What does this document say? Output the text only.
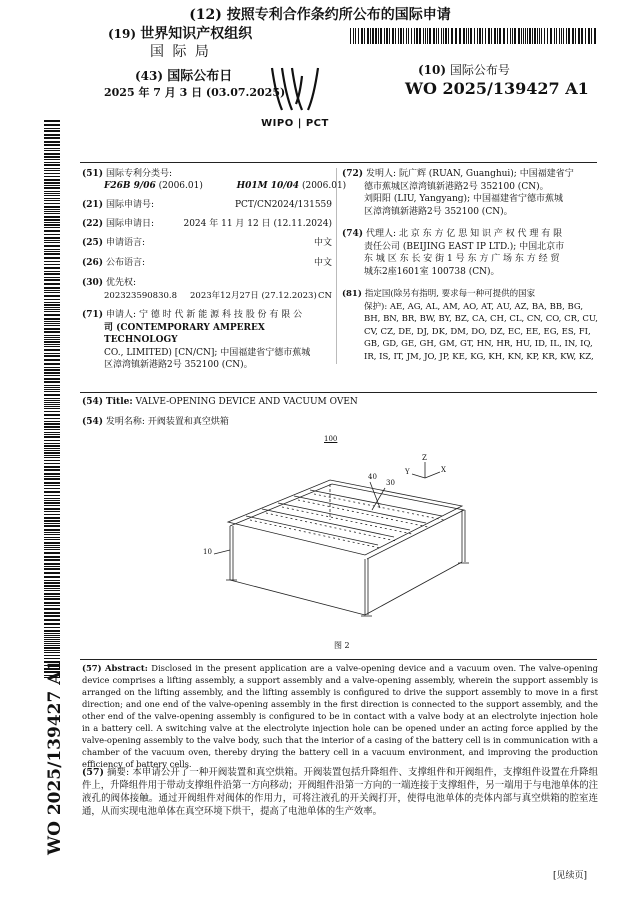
(12) 按照专利合作条约所公布的国际申请
(19) 世界知识产权组织
国 际 局
(43) 国际公布日
2025 年 7 月 3 日 (03.07.2025)
WIPO | PCT
(10) 国际公布号
WO 2025/139427 A1
(51) 国际专利分类号:
F26B 9/06 (2006.01)	H01M 10/04 (2006.01)
(21) 国际申请号:	PCT/CN2024/131559
(22) 国际申请日:	2024 年 11 月 12 日 (12.11.2024)
(25) 申请语言:	中文
(26) 公布语言:	中文
(30) 优先权:
202323590830.8 2023年12月27日 (27.12.2023) CN
(71) 申请人: 宁 德 时 代 新 能 源 科 技 股 份 有 限 公
司 (CONTEMPORARY AMPEREX TECHNOLOGY
CO., LIMITED) [CN/CN]; 中国福建省宁德市蕉城
区漳湾镇新港路2号 352100 (CN)。
(72) 发明人: 阮广辉 (RUAN, Guanghui); 中国福建省宁
德市蕉城区漳湾镇新港路2号 352100 (CN)。
刘阳阳 (LIU, Yangyang); 中国福建省宁德市蕉城
区漳湾镇新港路2号 352100 (CN)。
(74) 代理人: 北 京 东 方 亿 思 知 识 产 权 代 理 有 限
责任公司 (BEIJING EAST IP LTD.); 中国北京市
东 城 区 东 长 安 街 1 号 东 方 广 场 东 方 经 贸
城东2座1601室 100738 (CN)。
(81) 指定国(除另有指明, 要求每一种可提供的国家
保护): AE, AG, AL, AM, AO, AT, AU, AZ, BA, BB, BG,
BH, BN, BR, BW, BY, BZ, CA, CH, CL, CN, CO, CR, CU,
CV, CZ, DE, DJ, DK, DM, DO, DZ, EC, EE, EG, ES, FI,
GB, GD, GE, GH, GM, GT, HN, HR, HU, ID, IL, IN, IQ,
IR, IS, IT, JM, JO, JP, KE, KG, KH, KN, KP, KR, KW, KZ,
(54) Title: VALVE-OPENING DEVICE AND VACUUM OVEN
(54) 发明名称: 开阀装置和真空烘箱
100
40
30
10
X
Y
Z
图 2
(57) Abstract: Disclosed in the present application are a valve-opening device and a vacuum oven. The valve-opening device comprises a lifting assembly, a support assembly and a valve-opening assembly, wherein the support assembly is arranged on the lifting assembly, and the lifting assembly is configured to drive the support assembly to move in a first direction; and one end of the valve-opening assembly in the first direction is connected to the support assembly, and the other end of the valve-opening assembly is configured to be in contact with a valve body at an electrolyte injection hole in a battery cell. A switching valve at the electrolyte injection hole can be opened under an acting force applied by the valve-opening assembly to the valve body, such that the interior of a casing of the battery cell is in communication with a chamber of the vacuum oven, thereby drying the battery cell in a vacuum environment, and improving the production efficiency of battery cells.
(57) 摘要: 本申请公开了一种开阀装置和真空烘箱。开阀装置包括升降组件、支撑组件和开阀组件，支撑组件设置在升降组件上，升降组件用于带动支撑组件沿第一方向移动；开阀组件沿第一方向的一端连接于支撑组件，另一端用于与电池单体的注液孔的阀体接触。通过开阀组件对阀体的作用力，可将注液孔的开关阀打开，使得电池单体的壳体内部与真空烘箱的腔室连通，从而实现电池单体在真空环境下烘干，提高了电池单体的生产效率。
WO 2025/139427 A1
[见续页]
